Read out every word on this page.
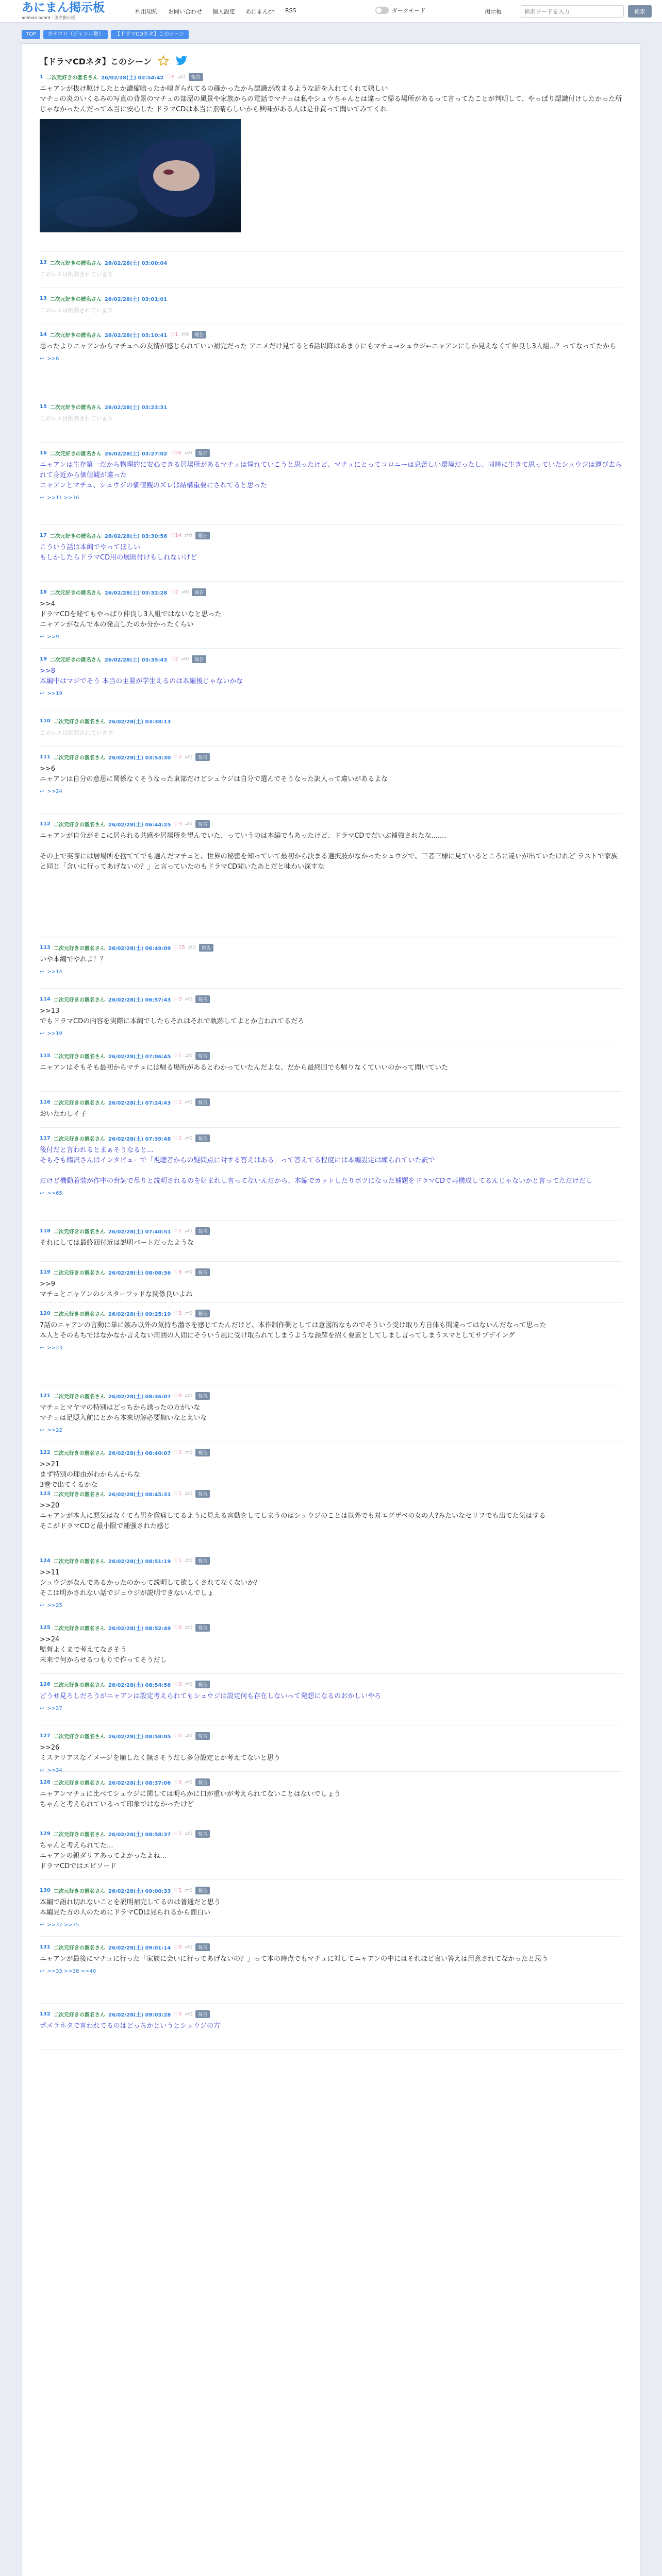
あにまん掲示板
animan board - 匿名掲示板
利用規約 お問い合わせ 個人設定 あにまんch RSS	ダークモード	掲示板
検索ワードを入力	検索
TOP	カテゴリ（ジャンル数）	【ドラマCDネタ】このシーン
【ドラマCDネタ】このシーン
1 二次元好きの匿名さん 26/02/28(土) 02:54:42 ♡8 ⇄0	報告
ニャアンが抜け駆けしたとか濃縮喰ったか嗅ぎられてるの確かったから認識が改まるような話を入れてくれて嬉しい
マチュの炎のいくるみの写真の背景のマチュの部屋の風景や家族からの電話でマチュは私やシュウちゃんとは違って帰る場所があるって言ってたことが判明して、やっぱり認識付けしたかった所じゃなかったんだって本当に安心した ドラマCDは本当に素晴らしいから興味がある人は是非買って聞いてみてくれ
13 二次元好きの匿名さん 26/02/28(土) 03:00:04
このレスは削除されています
13 二次元好きの匿名さん 26/02/28(土) 03:01:01
このレスは削除されています
14 二次元好きの匿名さん 26/02/28(土) 03:10:41 ♡1 ⇄0	報告
思ったよりニャアンからマチュへの友情が感じられていい補完だった アニメだけ見てると6話以降はあまりにもマチュ→シュウジ←ニャアンにしか見えなくて仲良し3人組...？ってなってたから
↩ >>6
15 二次元好きの匿名さん 26/02/28(土) 03:23:31
このレスは削除されています
16 二次元好きの匿名さん 26/02/28(土) 03:27:02 ♡26 ⇄0	報告
ニャアンは生存第一だから物理的に安心できる居場所があるマチュは憧れていこうと思ったけど、マチュにとってコロニーは息苦しい環境だったし、同時に生きて思っていたシュウジは運び去られて身近から価値観が違った
ニャアンとマチュ、シュウジの価値観のズレは結構重要にされてると思った
↩ >>11 >>16
17 二次元好きの匿名さん 26/02/28(土) 03:30:56 ♡14 ⇄0	報告
こういう話は本編でやってほしい
もしかしたらドラマCD用の展開付けもしれないけど
18 二次元好きの匿名さん 26/02/28(土) 03:32:28 ♡2 ⇄0	報告
>>4
ドラマCDを経てもやっぱり仲良し3人組ではないなと思った
ニャアンがなんで本の発言したのか分かったくらい
↩ >>9
19 二次元好きの匿名さん 26/02/28(土) 03:35:43 ♡2 ⇄0	報告
>>8
本編中はマジでそう 本当の主要が学生えるのは本編後じゃないかな
↩ >>19
110 二次元好きの匿名さん 26/02/28(土) 03:38:13
このレスは削除されています
111 二次元好きの匿名さん 26/02/28(土) 03:53:30 ♡2 ⇄0	報告
>>6
ニャアンは自分の意思に関係なくそうなった東部だけどシュウジは自分で選んでそうなった訳人って違いがあるよな
↩ >>24
112 二次元好きの匿名さん 26/02/28(土) 06:44:25 ♡3 ⇄0	報告
ニャアンが自分がそこに居られる共感や居場所を望んでいた、っていうのは本編でもあったけど、ドラマCDでだいぶ補強されたな.......
その上で実際には居場所を捨ててでも選んだマチュと、世界の秘密を知っていて最初から決まる選択肢がなかったシュウジで、三者三様に見ているところに違いが出ていたけれど ラストで家族と同じ「含いに行ってあげないの？」と言っていたのもドラマCD聞いたあとだと味わい深すな
113 二次元好きの匿名さん 26/02/28(土) 06:49:09 ♡15 ⇄0	報告
いや本編でやれよ！？
↩ >>14
114 二次元好きの匿名さん 26/02/28(土) 06:57:43 ♡3 ⇄0	報告
>>13
でもドラマCDの内容を実際に本編でしたらそれはそれで軌跡してよとか言われてるだろ
↩ >>19
115 二次元好きの匿名さん 26/02/28(土) 07:06:45 ♡1 ⇄0	報告
ニャアンはそもそも最初からマチュには帰る場所があるとわかっていたんだよな、だから最終回でも帰りなくていいのかって聞いていた
116 二次元好きの匿名さん 26/02/28(土) 07:24:43 ♡1 ⇄0	報告
おいたわしイ子
117 二次元好きの匿名さん 26/02/28(土) 07:39:48 ♡1 ⇄0	報告
後付だと言われるとまぁそうなると...
そもそも鶴沢さんはインタビューで「視聴者からの疑問点に対する答えはある」って答えてる程度には本編設定は練られていた訳で
だけど機動着装が作中の台詞で尽りと説明されるのを好まれし言ってないんだから、本編でカットしたりボツになった補題をドラマCDで再構成してるんじゃないかと言ってただけだし
↩ >>65
118 二次元好きの匿名さん 26/02/28(土) 07:40:51 ♡2 ⇄0	報告
それにしては最終回付近は説明パートだったような
119 二次元好きの匿名さん 26/02/28(土) 08:08:36 ♡9 ⇄0	報告
>>9
マチュとニャアンのシスターフッドな関係良いよね
120 二次元好きの匿名さん 26/02/28(土) 09:25:19 ♡3 ⇄0	報告
7話のニャアンの言動に単に嫉み以外の気持ち潜さを感じてたんだけど、本作制作側としては意図的なものでそういう受け取り方自体も間違ってはないんだなって思った
本人とそのもちではなかなか言えない周囲の人間にそういう風に受け取られてしまうような誤解を招く要素としてしまし言ってしまうスマとしてサブデイング
↩ >>23
121 二次元好きの匿名さん 26/02/28(土) 08:36:07 ♡8 ⇄0	報告
マチュとマヤマの特別はどっちから誘ったの方がいな
マチュは足隠入前にとから本来切解必要無いなとえいな
↩ >>22
122 二次元好きの匿名さん 26/02/28(土) 08:40:07 ♡1 ⇄0	報告
>>21
まず特別の理由がわからんからな
3巻で出てくるかな
123 二次元好きの匿名さん 26/02/28(土) 08:45:31 ♡1 ⇄0	報告
>>20
ニャアンが本人に悪気はなくても男を徹痛してるように見える言動をしてしまうのはシュウジのことは以外でも対エグザベの女の人?みたいなセリフでも出てた気はする
そこがドラマCDと最小限で補強された感じ
124 二次元好きの匿名さん 26/02/28(土) 08:51:19 ♡1 ⇄0	報告
>>11
シュウジがなんであるかったのかって説明して欲しくされてなくないか？
そこは明かされない話でジュウジが説明できないんでしょ
↩ >>25
125 二次元好きの匿名さん 26/02/28(土) 08:52:49 ♡0 ⇄0	報告
>>24
監督よくまで考えてなさそう
未来で何からせるつもりで作ってそうだし
126 二次元好きの匿名さん 26/02/28(土) 08:54:56 ♡0 ⇄0	報告
どうせ見ろしだろうがニャアンは設定考えられてもシュウジは設定何も存在しないって発想になるのおかしいやろ
↩ >>27
127 二次元好きの匿名さん 26/02/28(土) 08:58:05 ♡0 ⇄0	報告
>>26
ミステリアスなイメージを崩したく無さそうだし多分設定とか考えてないと思う
↩ >>34
128 二次元好きの匿名さん 26/02/28(土) 08:37:06 ♡0 ⇄0	報告
ニャアンマチュに比べてシュウジに関しては明らかに口が重いが考えられてないことはないでしょう
ちゃんと考えられているって印象ではなかったけど
129 二次元好きの匿名さん 26/02/28(土) 08:58:37 ♡1 ⇄0	報告
ちゃんと考えられてた...
ニャアンの親ダリアあってよかったよね...
ドラマCDではエピソード
130 二次元好きの匿名さん 26/02/28(土) 09:00:33 ♡1 ⇄0	報告
本編で語れ切れないことを説明補完してるのは普通だと思う
本編見た方の人のためにドラマCDは見られるから面白い
↩ >>37 >>75
131 二次元好きの匿名さん 26/02/28(土) 09:01:14 ♡0 ⇄0	報告
ニャアンが最後にマチュに行った「家族に会いに行ってあげないの？」って本の時点でもマチュに対してニャアンの中にはそれほど良い答えは用意されてなかったと思う
↩ >>33 >>38 >>40
132 二次元好きの匿名さん 26/02/28(土) 09:03:28 ♡0 ⇄0	報告
ポメラネタで言われてるのはどっちかというとシュウジの方
